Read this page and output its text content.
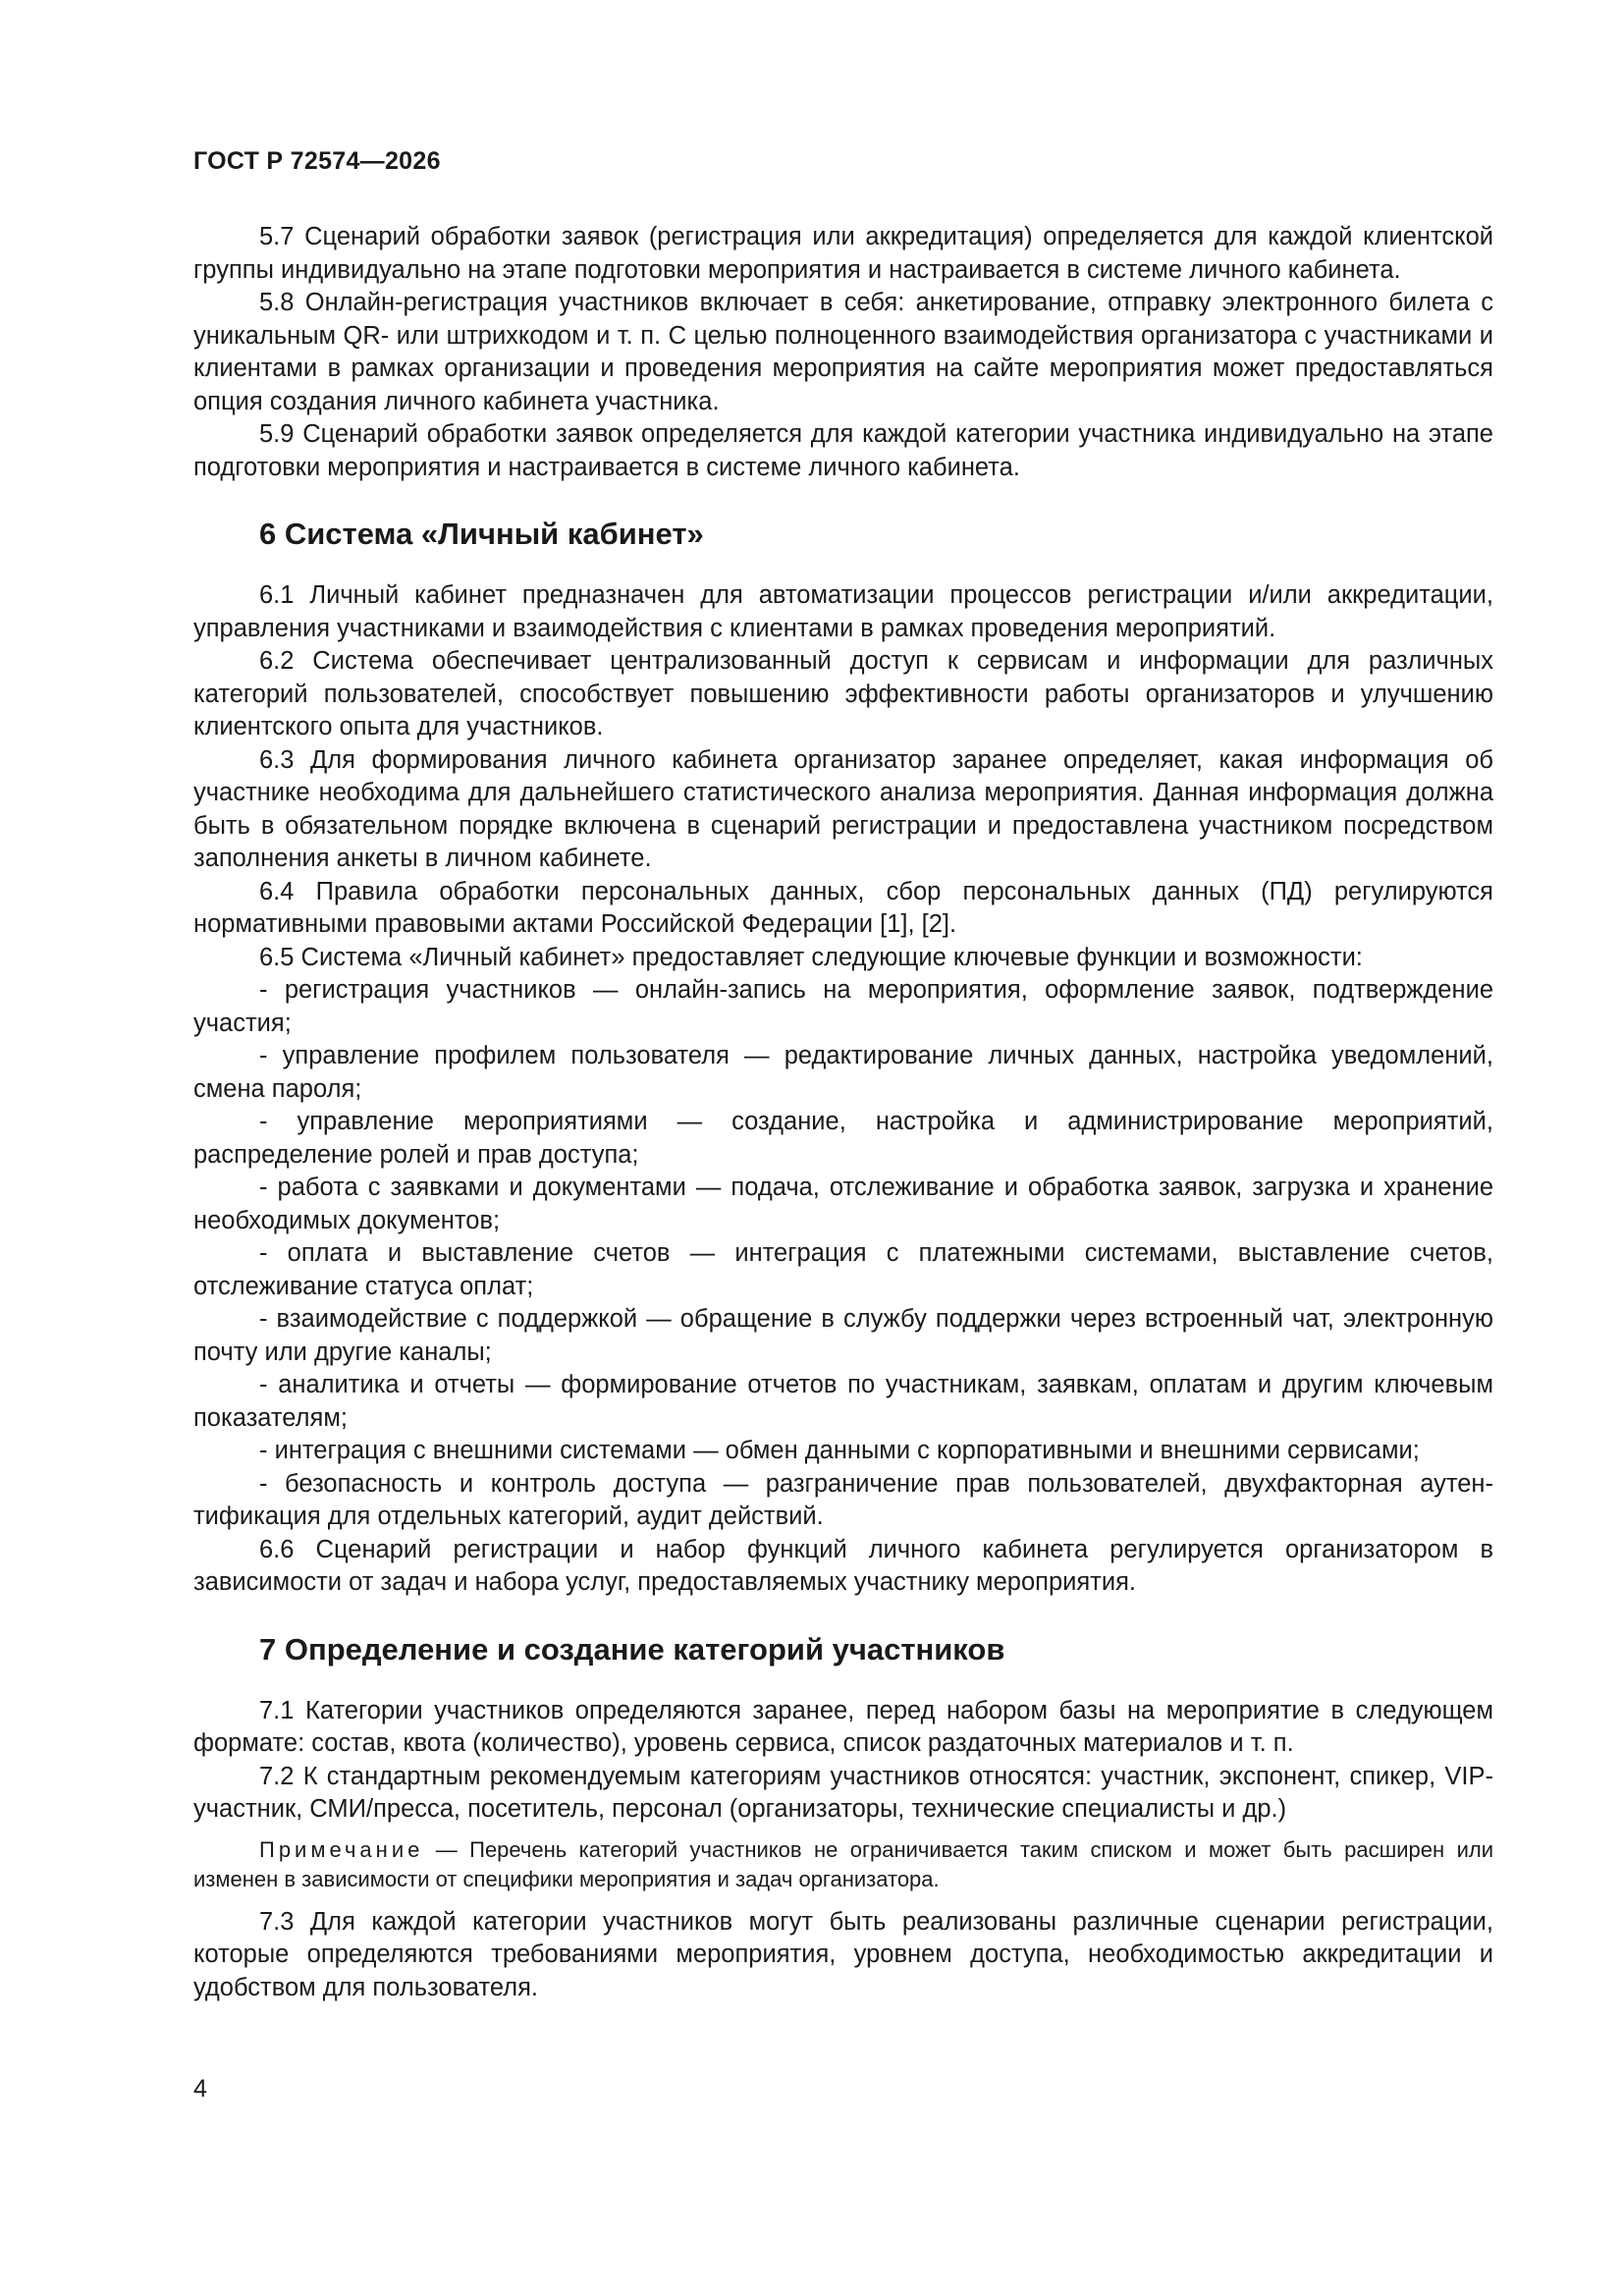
ГОСТ Р 72574—2026

5.7 Сценарий обработки заявок (регистрация или аккредитация) определяется для каждой клиентской группы индивидуально на этапе подготовки мероприятия и настраивается в системе личного кабинета.

5.8 Онлайн-регистрация участников включает в себя: анкетирование, отправку электронного билета с уникальным QR- или штрихкодом и т. п. С целью полноценного взаимодействия организатора с участниками и клиентами в рамках организации и проведения мероприятия на сайте мероприятия может предоставляться опция создания личного кабинета участника.

5.9 Сценарий обработки заявок определяется для каждой категории участника индивидуально на этапе подготовки мероприятия и настраивается в системе личного кабинета.

6 Система «Личный кабинет»

6.1 Личный кабинет предназначен для автоматизации процессов регистрации и/или аккредитации, управления участниками и взаимодействия с клиентами в рамках проведения мероприятий.

6.2 Система обеспечивает централизованный доступ к сервисам и информации для различных категорий пользователей, способствует повышению эффективности работы организаторов и улучшению клиентского опыта для участников.

6.3 Для формирования личного кабинета организатор заранее определяет, какая информация об участнике необходима для дальнейшего статистического анализа мероприятия. Данная информация должна быть в обязательном порядке включена в сценарий регистрации и предоставлена участником посредством заполнения анкеты в личном кабинете.

6.4 Правила обработки персональных данных, сбор персональных данных (ПД) регулируются нормативными правовыми актами Российской Федерации [1], [2].

6.5 Система «Личный кабинет» предоставляет следующие ключевые функции и возможности:

- регистрация участников — онлайн-запись на мероприятия, оформление заявок, подтверждение участия;

- управление профилем пользователя — редактирование личных данных, настройка уведомлений, смена пароля;

- управление мероприятиями — создание, настройка и администрирование мероприятий, распределение ролей и прав доступа;

- работа с заявками и документами — подача, отслеживание и обработка заявок, загрузка и хранение необходимых документов;

- оплата и выставление счетов — интеграция с платежными системами, выставление счетов, отслеживание статуса оплат;

- взаимодействие с поддержкой — обращение в службу поддержки через встроенный чат, электронную почту или другие каналы;

- аналитика и отчеты — формирование отчетов по участникам, заявкам, оплатам и другим ключевым показателям;

- интеграция с внешними системами — обмен данными с корпоративными и внешними сервисами;

- безопасность и контроль доступа — разграничение прав пользователей, двухфакторная аутентификация для отдельных категорий, аудит действий.

6.6 Сценарий регистрации и набор функций личного кабинета регулируется организатором в зависимости от задач и набора услуг, предоставляемых участнику мероприятия.

7 Определение и создание категорий участников

7.1 Категории участников определяются заранее, перед набором базы на мероприятие в следующем формате: состав, квота (количество), уровень сервиса, список раздаточных материалов и т. п.

7.2 К стандартным рекомендуемым категориям участников относятся: участник, экспонент, спикер, VIP-участник, СМИ/пресса, посетитель, персонал (организаторы, технические специалисты и др.)

Примечание — Перечень категорий участников не ограничивается таким списком и может быть расширен или изменен в зависимости от специфики мероприятия и задач организатора.

7.3 Для каждой категории участников могут быть реализованы различные сценарии регистрации, которые определяются требованиями мероприятия, уровнем доступа, необходимостью аккредитации и удобством для пользователя.

4
